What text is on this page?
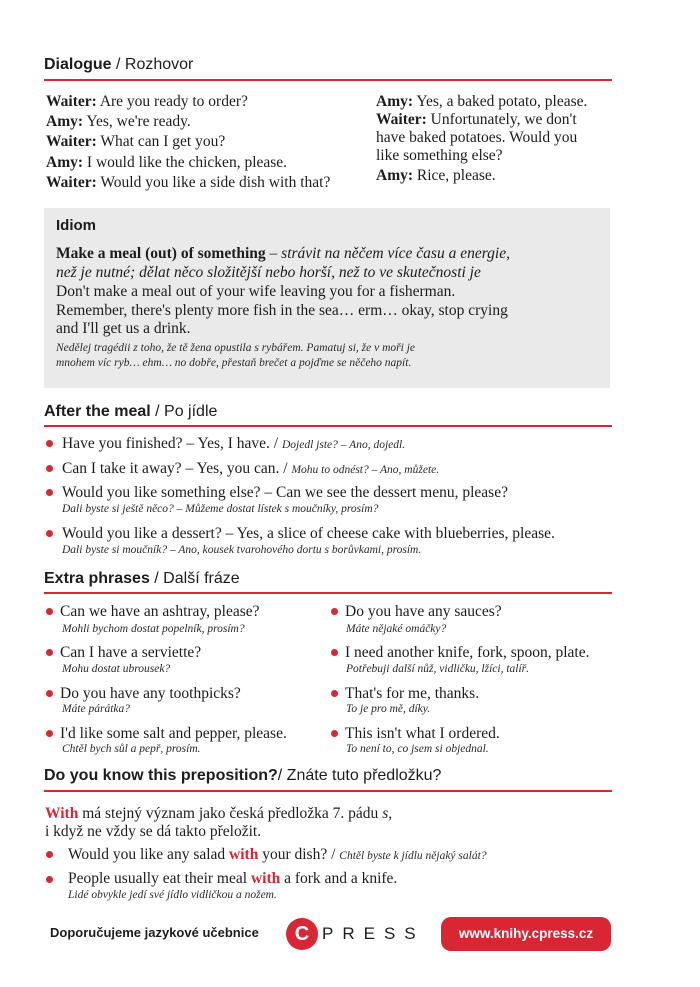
Dialogue / Rozhovor
Waiter: Are you ready to order?
Amy: Yes, we're ready.
Waiter: What can I get you?
Amy: I would like the chicken, please.
Waiter: Would you like a side dish with that?
Amy: Yes, a baked potato, please.
Waiter: Unfortunately, we don't
have baked potatoes. Would you
like something else?
Amy: Rice, please.
Idiom
Make a meal (out) of something – strávit na něčem více času a energie,
než je nutné; dělat něco složitější nebo horší, než to ve skutečnosti je
Don't make a meal out of your wife leaving you for a fisherman.
Remember, there's plenty more fish in the sea… erm… okay, stop crying
and I'll get us a drink.
Nedělej tragédii z toho, že tě žena opustila s rybářem. Pamatuj si, že v moři je
mnohem víc ryb… ehm… no dobře, přestaň brečet a pojďme se něčeho napít.
After the meal / Po jídle
Have you finished? – Yes, I have. / Dojedl jste? – Ano, dojedl.
Can I take it away? – Yes, you can. / Mohu to odnést? – Ano, můžete.
Would you like something else? – Can we see the dessert menu, please?
Dali byste si ještě něco? – Můžeme dostat lístek s moučníky, prosím?
Would you like a dessert? – Yes, a slice of cheese cake with blueberries, please.
Dali byste si moučník? – Ano, kousek tvarohového dortu s borůvkami, prosím.
Extra phrases / Další fráze
Can we have an ashtray, please?
Mohli bychom dostat popelník, prosím?
Can I have a serviette?
Mohu dostat ubrousek?
Do you have any toothpicks?
Máte párátka?
I'd like some salt and pepper, please.
Chtěl bych sůl a pepř, prosím.
Do you have any sauces?
Máte nějaké omáčky?
I need another knife, fork, spoon, plate.
Potřebuji další nůž, vidličku, lžíci, talíř.
That's for me, thanks.
To je pro mě, díky.
This isn't what I ordered.
To není to, co jsem si objednal.
Do you know this preposition?/ Znáte tuto předložku?
With má stejný význam jako česká předložka 7. pádu s,
i když ne vždy se dá takto přeložit.
Would you like any salad with your dish? / Chtěl byste k jídlu nějaký salát?
People usually eat their meal with a fork and a knife.
Lidé obvykle jedí své jídlo vidličkou a nožem.
Doporučujeme jazykové učebnice	C PRESS	www.knihy.cpress.cz
